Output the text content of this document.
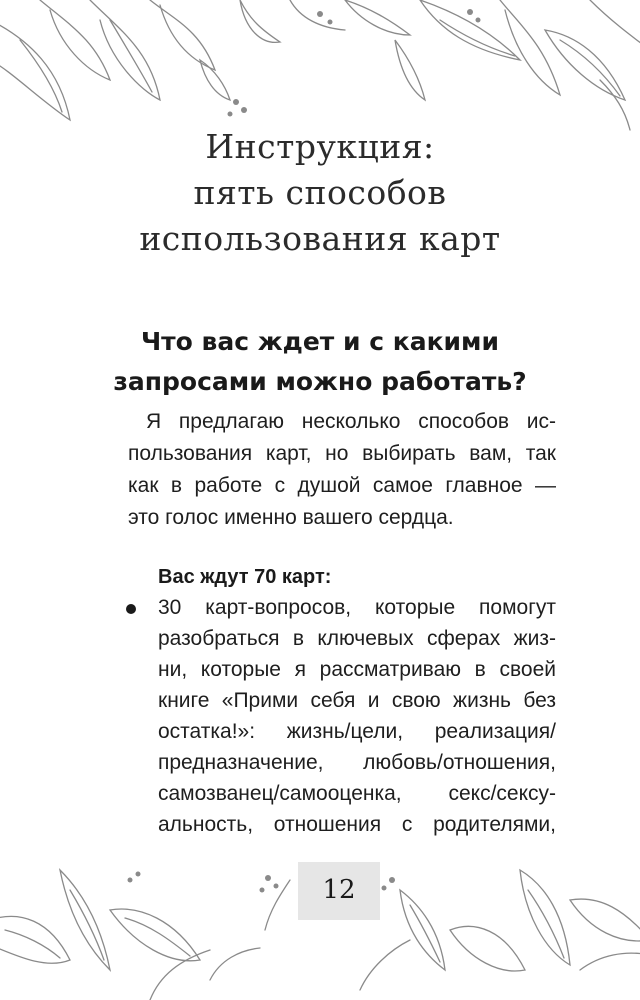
Инструкция:
пять способов
использования карт
Что вас ждет и с какими
запросами можно работать?
Я предлагаю несколько способов ис-
пользования карт, но выбирать вам, так
как в работе с душой самое главное —
это голос именно вашего сердца.
Вас ждут 70 карт:
30 карт-вопросов, которые помогут
разобраться в ключевых сферах жиз-
ни, которые я рассматриваю в своей
книге «Прими себя и свою жизнь без
остатка!»: жизнь/цели, реализация/
предназначение, любовь/отношения,
самозванец/самооценка, секс/сексу-
альность, отношения с родителями,
12
